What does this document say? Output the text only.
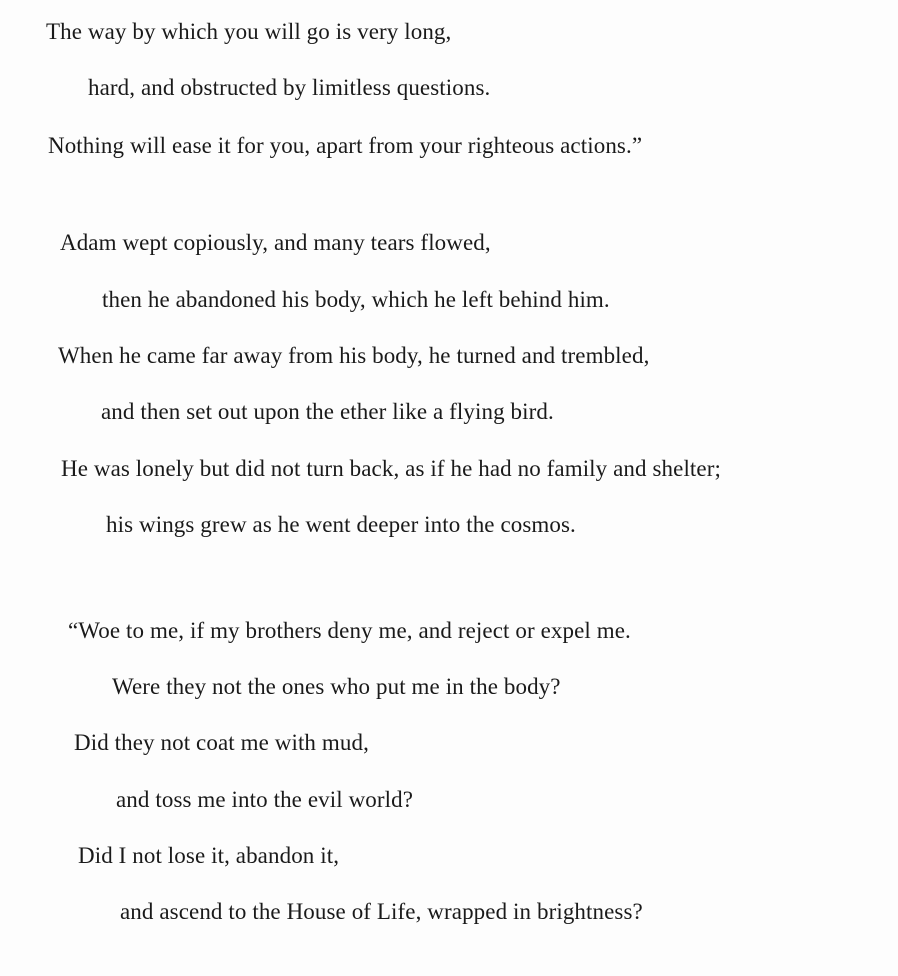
The way by which you will go is very long,
hard, and obstructed by limitless questions.
Nothing will ease it for you, apart from your righteous actions.”
Adam wept copiously, and many tears flowed,
then he abandoned his body, which he left behind him.
When he came far away from his body, he turned and trembled,
and then set out upon the ether like a flying bird.
He was lonely but did not turn back, as if he had no family and shelter;
his wings grew as he went deeper into the cosmos.
“Woe to me, if my brothers deny me, and reject or expel me.
Were they not the ones who put me in the body?
Did they not coat me with mud,
and toss me into the evil world?
Did I not lose it, abandon it,
and ascend to the House of Life, wrapped in brightness?
